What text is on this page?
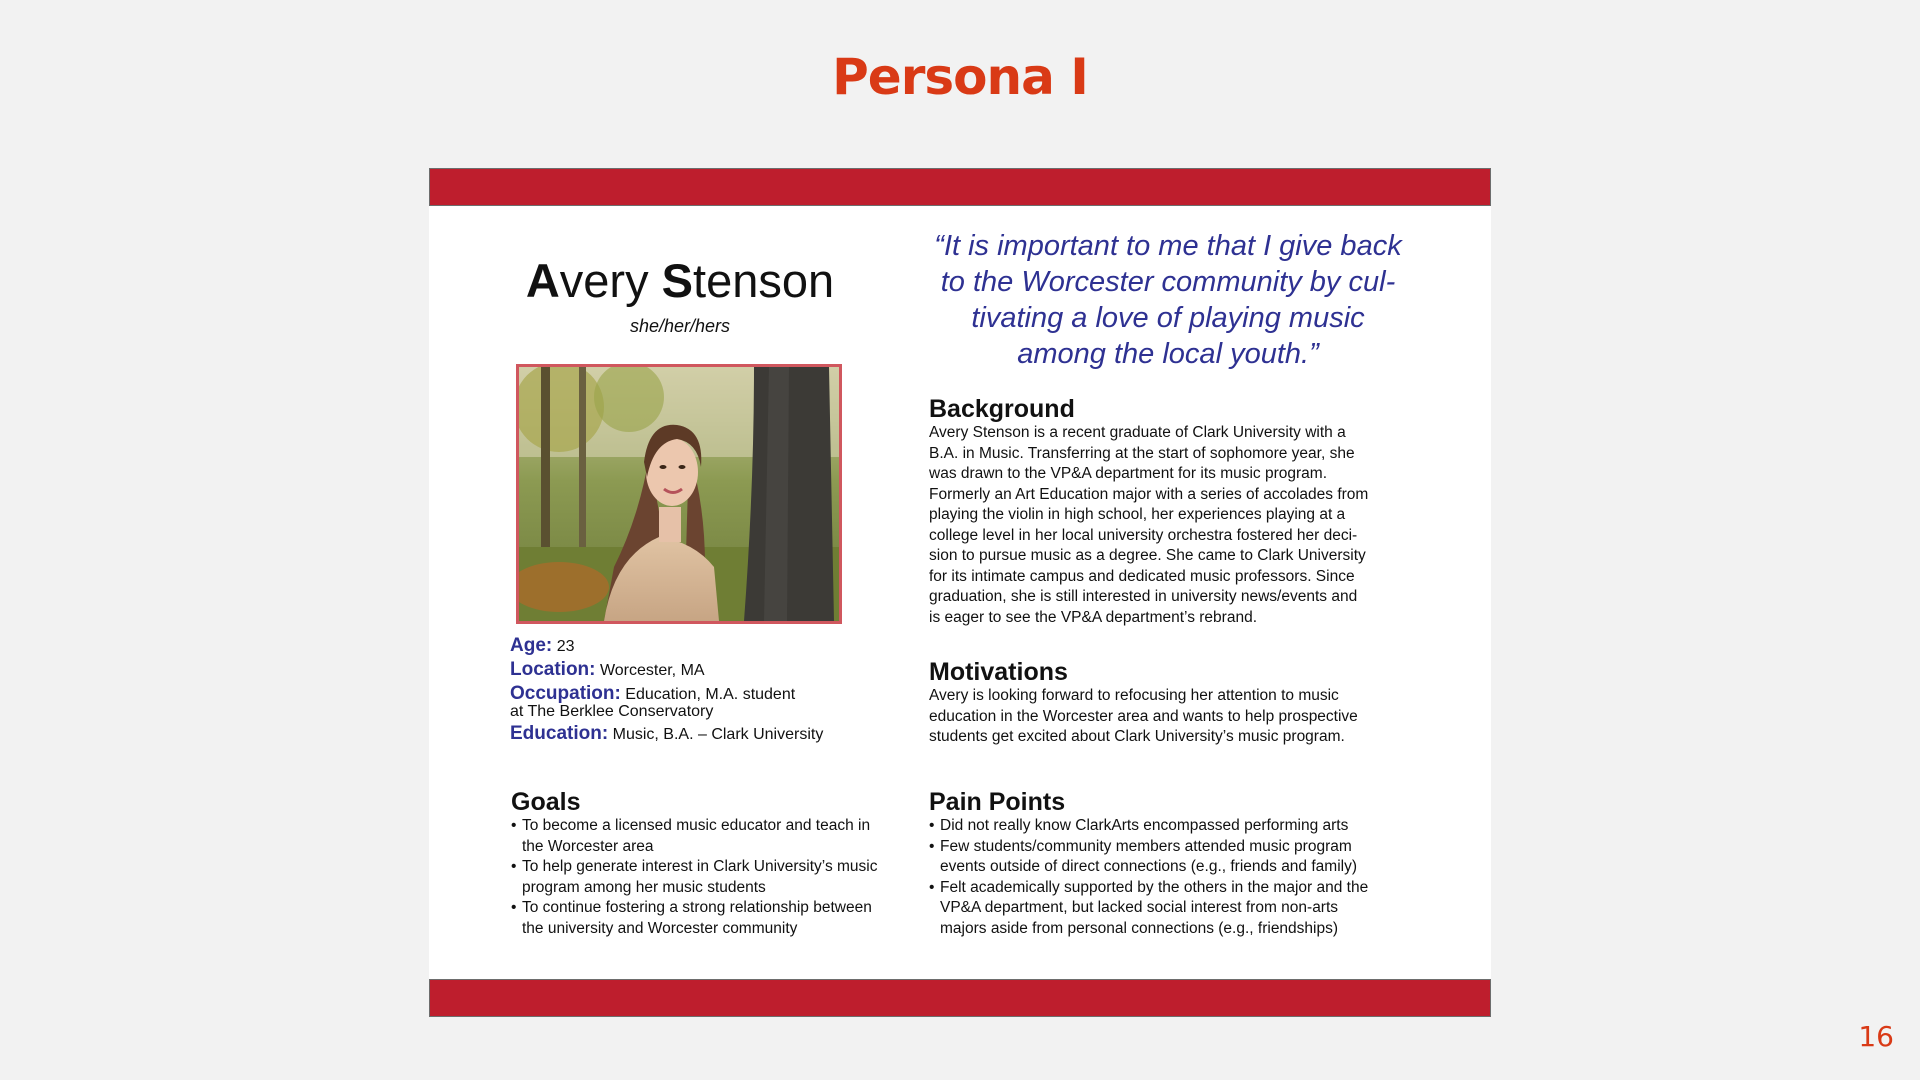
Persona I
Avery Stenson
she/her/hers
Age: 23
Location: Worcester, MA
Occupation: Education, M.A. student
at The Berklee Conservatory
Education: Music, B.A. – Clark University
“It is important to me that I give back
to the Worcester community by cul-
tivating a love of playing music
among the local youth.”
Background
Avery Stenson is a recent graduate of Clark University with a
B.A. in Music. Transferring at the start of sophomore year, she
was drawn to the VP&A department for its music program.
Formerly an Art Education major with a series of accolades from
playing the violin in high school, her experiences playing at a
college level in her local university orchestra fostered her deci-
sion to pursue music as a degree. She came to Clark University
for its intimate campus and dedicated music professors. Since
graduation, she is still interested in university news/events and
is eager to see the VP&A department’s rebrand.
Motivations
Avery is looking forward to refocusing her attention to music
education in the Worcester area and wants to help prospective
students get excited about Clark University’s music program.
Goals
• To become a licensed music educator and teach in
the Worcester area
• To help generate interest in Clark University’s music
program among her music students
• To continue fostering a strong relationship between
the university and Worcester community
Pain Points
• Did not really know ClarkArts encompassed performing arts
• Few students/community members attended music program
events outside of direct connections (e.g., friends and family)
• Felt academically supported by the others in the major and the
VP&A department, but lacked social interest from non-arts
majors aside from personal connections (e.g., friendships)
16
